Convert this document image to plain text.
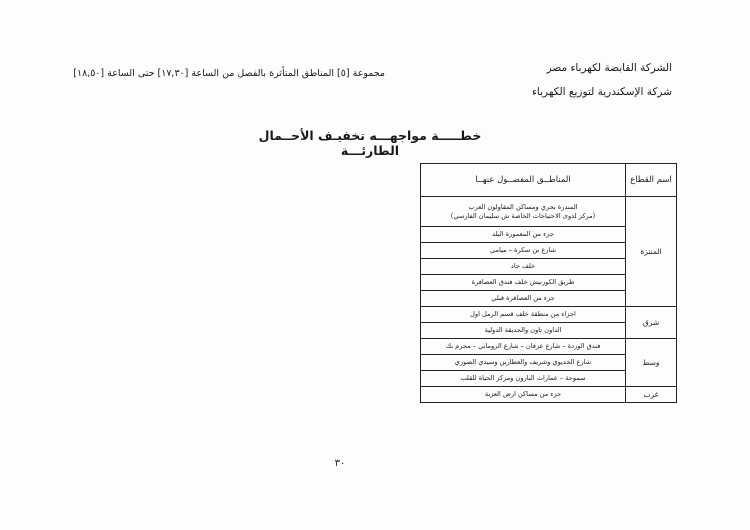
الشركة القابضة لكهرباء مصر
شركة الإسكندرية لتوزيع الكهرباء
مجموعة [٥] المناطق المتأثرة بالفصل من الساعة [١٧,٣٠] حتى الساعة [١٨,٥٠]
خطـــــة مواجهـــه تخفيـف الأحــمال الطارئـــة
اسم القطاع	المناطــق المفصــول عنهــا
المنتزة	المندرة بحري ومساكن المقاولون العرب
(مركز لذوى الاحتياجات الخاصة ش سليمان الفارسي)

	جزء من المعمورة البلد

	شارع بن سكرة – ميامي

	خلف جاد

	طريق الكورنيش خلف فندق العصافرة

	جزء من العصافرة قبلي

شرق	اجزاء من منطقة خلف قسم الرمل اول

	الداون تاون والحديقة الدولية

وسط	فندق الوردة – شارع عرفان – شارع الروماني – محرم بك

	شارع الخديوي وشريف والعطارين وسيدي الصوري

	سموحة – عمارات البارون ومركز الحياة للقلب

غرب	جزء من مساكن ارض العزبة
٣٠
